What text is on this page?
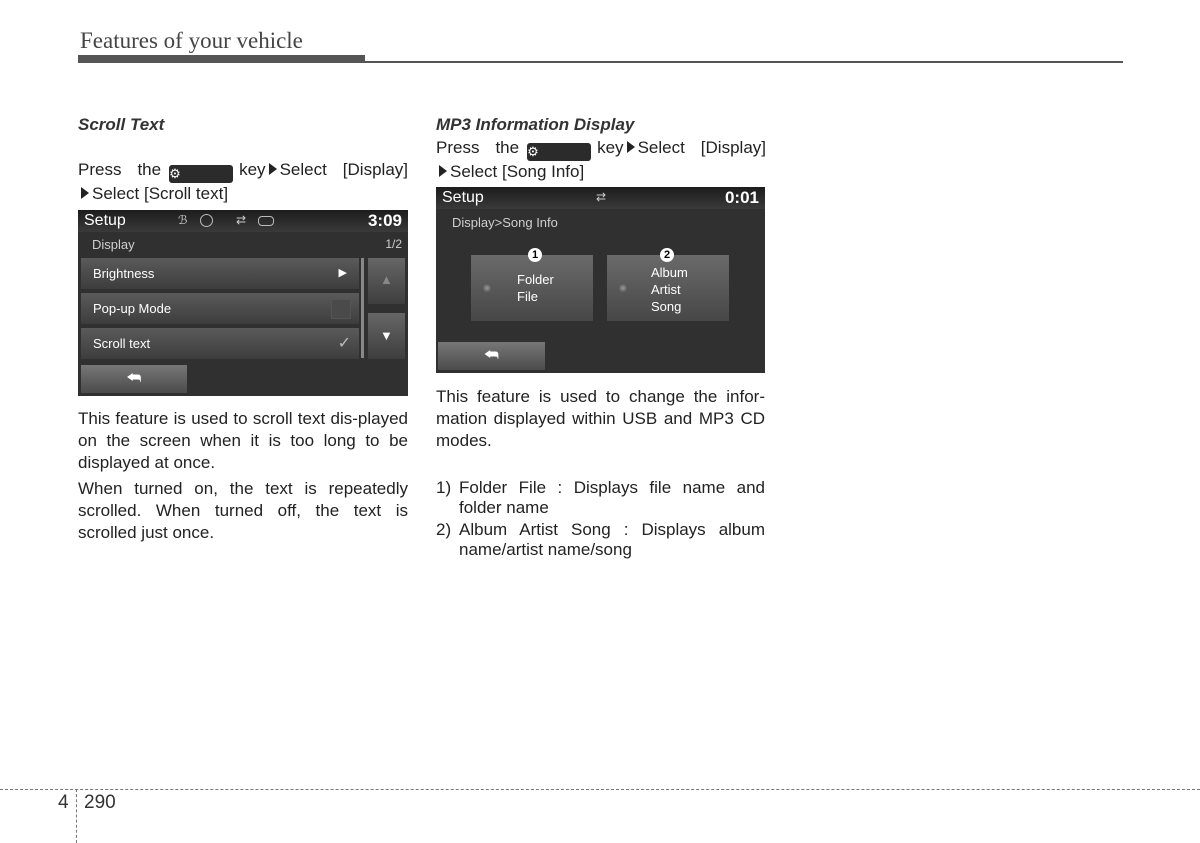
Features of your vehicle
Scroll Text
Press the ⚙	key Select [Display]
Select [Scroll text]
Setup	ℬ	⇄	3:09
Display	1/2
Brightness	▶
Pop-up Mode
Scroll text	✓
▲
▼
⮪
This feature is used to scroll text dis-played on the screen when it is too long to be displayed at once.
When turned on, the text is repeatedly scrolled. When turned off, the text is scrolled just once.
MP3 Information Display
Press the ⚙	key Select [Display]
Select [Song Info]
Setup	⇄	0:01
Display>Song Info
Folder
File
Album
Artist
Song
1	2
⮪
This feature is used to change the infor-mation displayed within USB and MP3 CD modes.
1) Folder File : Displays file name and folder name
2) Album Artist Song : Displays album name/artist name/song
4 290
